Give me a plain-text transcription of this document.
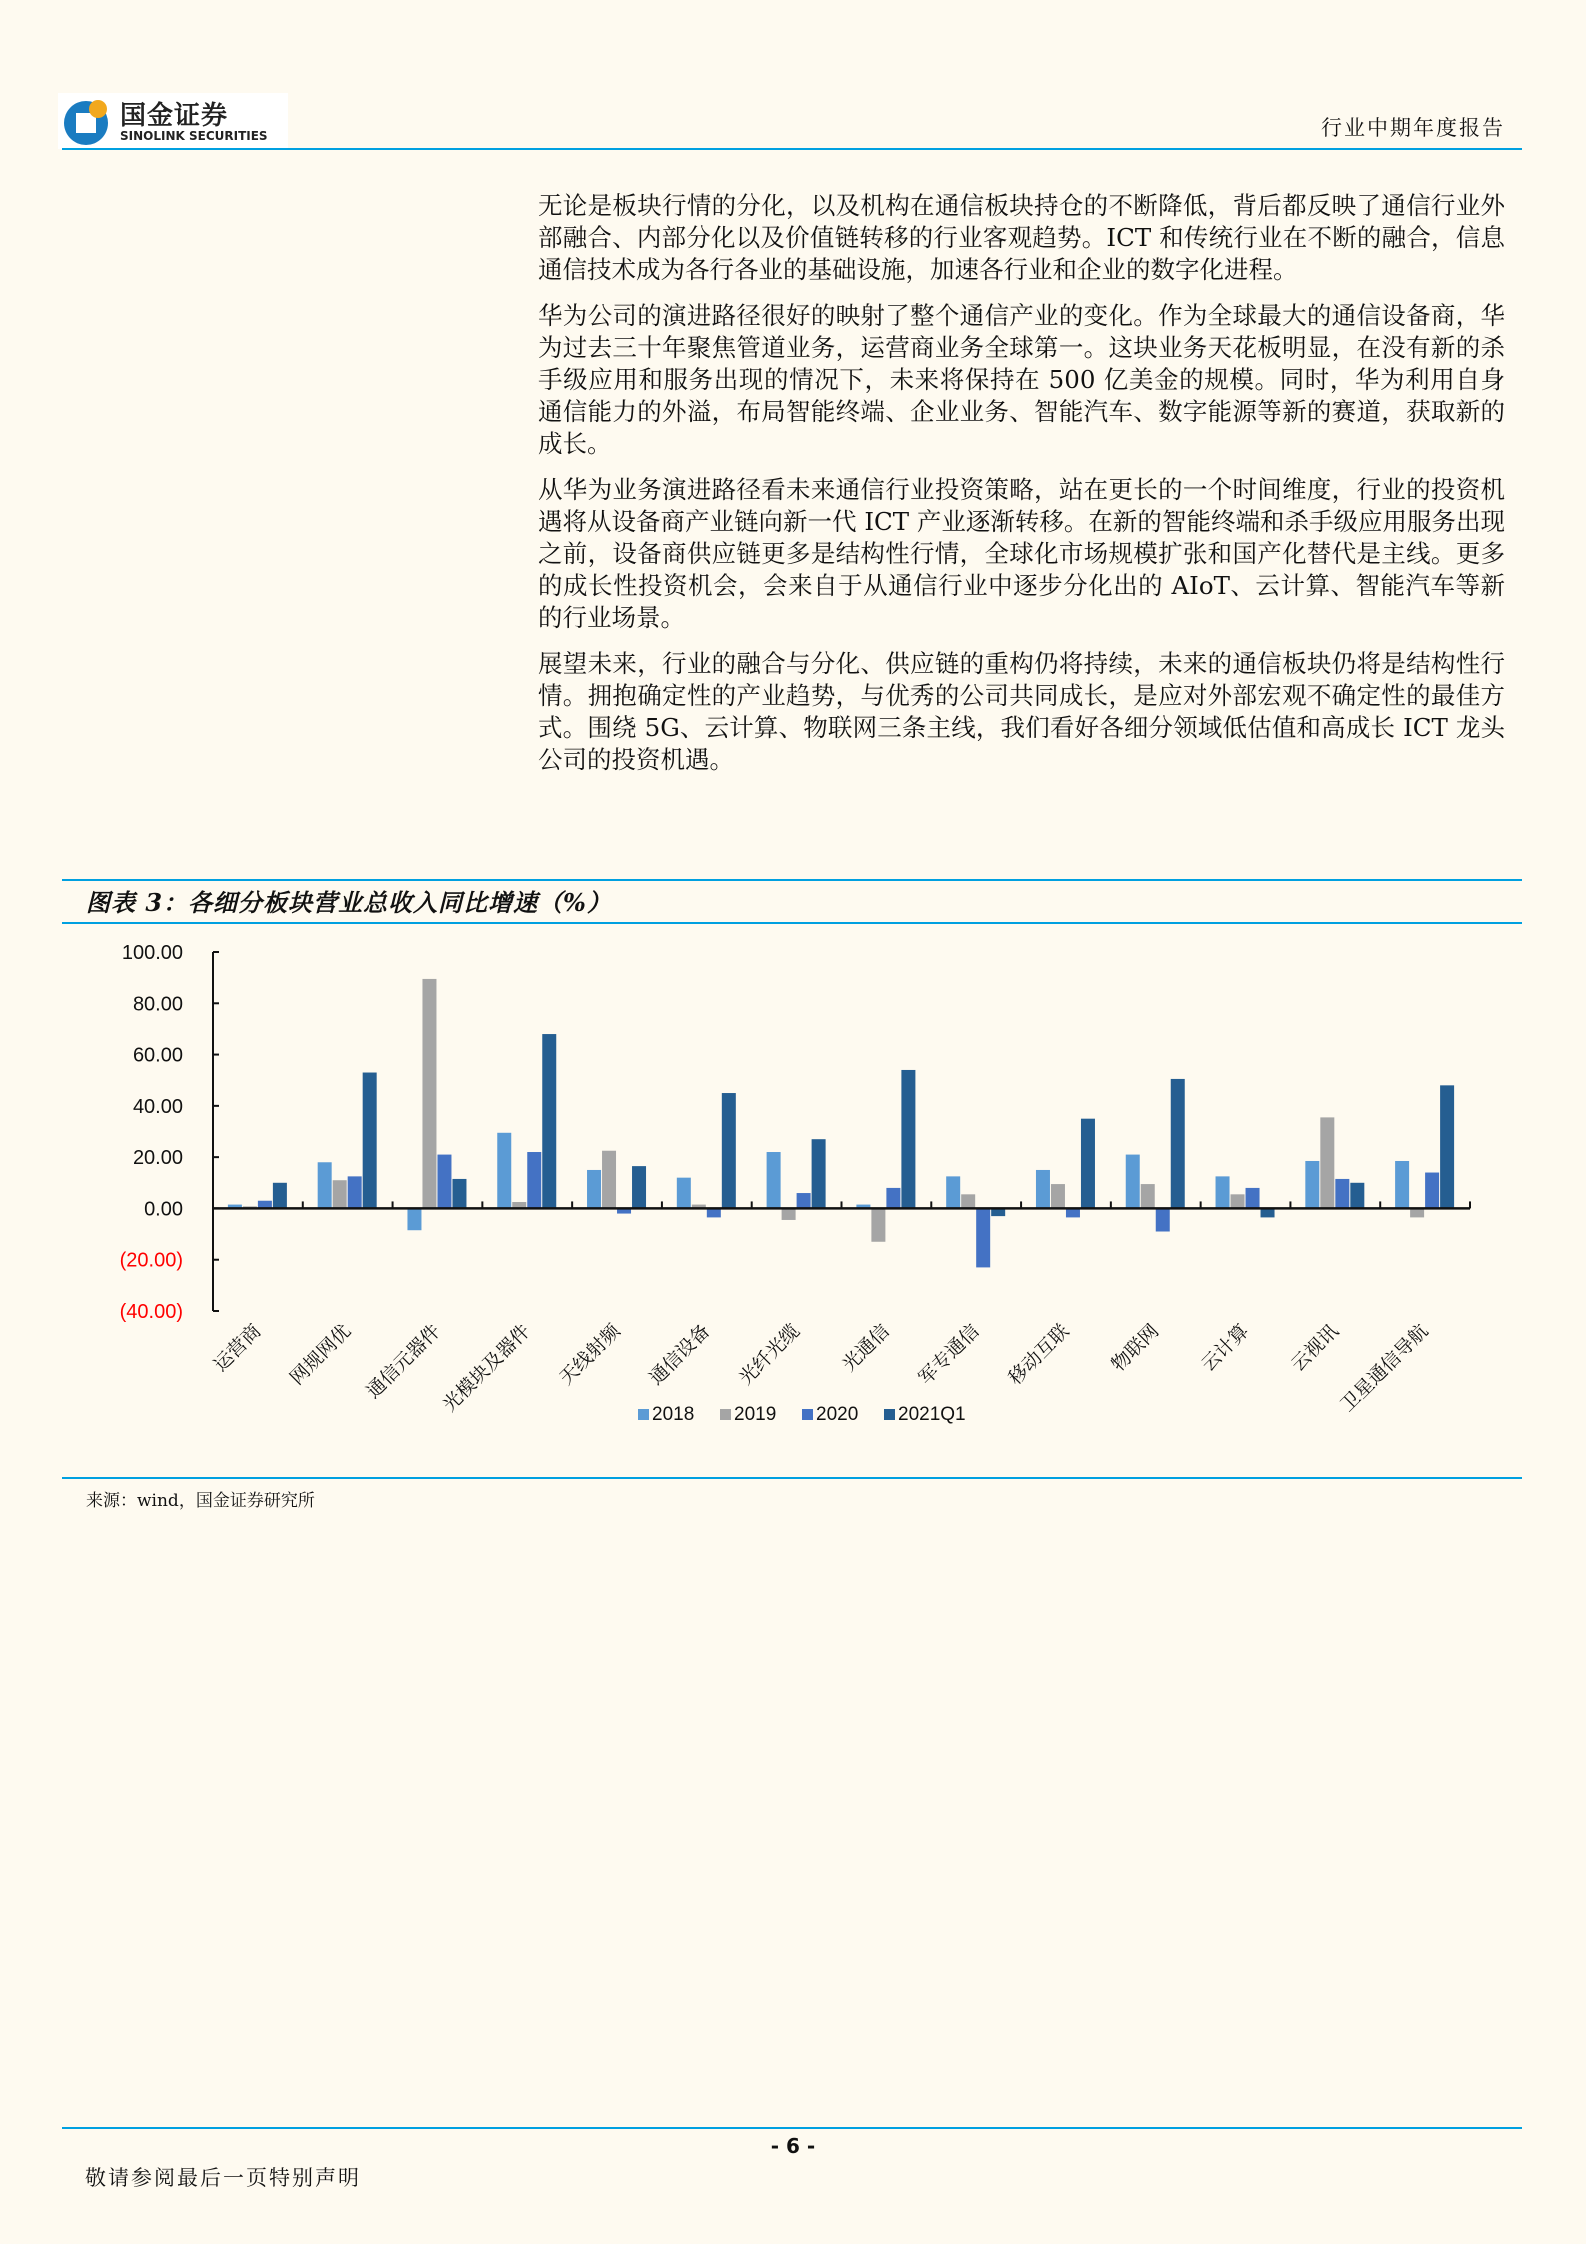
国金证券
SINOLINK SECURITIES	行业中期年度报告

无论是板块行情的分化，以及机构在通信板块持仓的不断降低，背后都反映了通信行业外部融合、内部分化以及价值链转移的行业客观趋势。ICT 和传统行业在不断的融合，信息通信技术成为各行各业的基础设施，加速各行业和企业的数字化进程。

华为公司的演进路径很好的映射了整个通信产业的变化。作为全球最大的通信设备商，华为过去三十年聚焦管道业务，运营商业务全球第一。这块业务天花板明显，在没有新的杀手级应用和服务出现的情况下，未来将保持在 500 亿美金的规模。同时，华为利用自身通信能力的外溢，布局智能终端、企业业务、智能汽车、数字能源等新的赛道，获取新的成长。

从华为业务演进路径看未来通信行业投资策略，站在更长的一个时间维度，行业的投资机遇将从设备商产业链向新一代 ICT 产业逐渐转移。在新的智能终端和杀手级应用服务出现之前，设备商供应链更多是结构性行情，全球化市场规模扩张和国产化替代是主线。更多的成长性投资机会，会来自于从通信行业中逐步分化出的 AIoT、云计算、智能汽车等新的行业场景。

展望未来，行业的融合与分化、供应链的重构仍将持续，未来的通信板块仍将是结构性行情。拥抱确定性的产业趋势，与优秀的公司共同成长，是应对外部宏观不确定性的最佳方式。围绕 5G、云计算、物联网三条主线，我们看好各细分领域低估值和高成长 ICT 龙头公司的投资机遇。

图表 3：各细分板块营业总收入同比增速（%）
100.00
80.00
60.00
40.00
20.00
0.00
(20.00)
(40.00)
运营商 网规网优 通信元器件
光模块及器件 天线射频 通信设备 光纤光缆 光通信 军专通信 移动互联 物联网 云计算 云视讯
卫星通信导航
2018 2019 2020 2021Q1
来源：wind，国金证券研究所
- 6 -
敬请参阅最后一页特别声明
